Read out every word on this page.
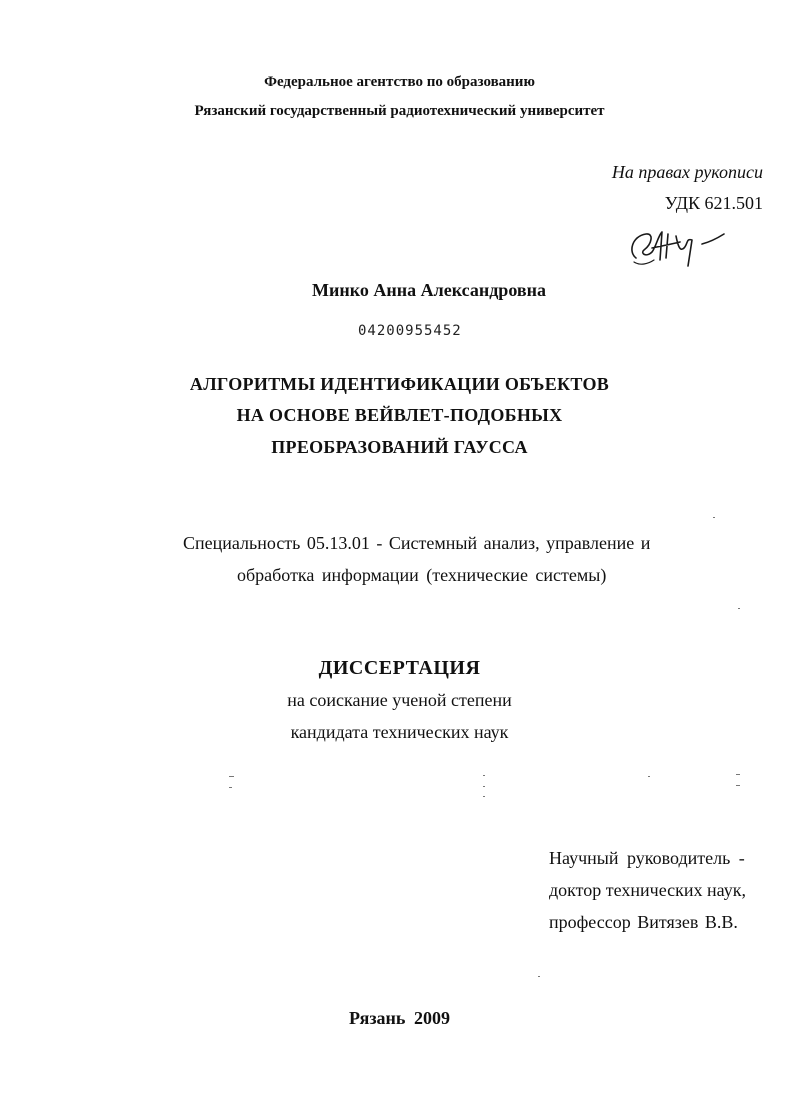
Федеральное агентство по образованию

Рязанский государственный радиотехнический университет

На правах рукописи

УДК 621.501

Минко Анна Александровна

04200955452

АЛГОРИТМЫ ИДЕНТИФИКАЦИИ ОБЪЕКТОВ

НА ОСНОВЕ ВЕЙВЛЕТ-ПОДОБНЫХ

ПРЕОБРАЗОВАНИЙ ГАУССА

Специальность 05.13.01 - Системный анализ, управление и

обработка информации (технические системы)

ДИССЕРТАЦИЯ

на соискание ученой степени

кандидата технических наук

Научный руководитель -

доктор технических наук,

профессор Витязев В.В.

Рязань 2009
